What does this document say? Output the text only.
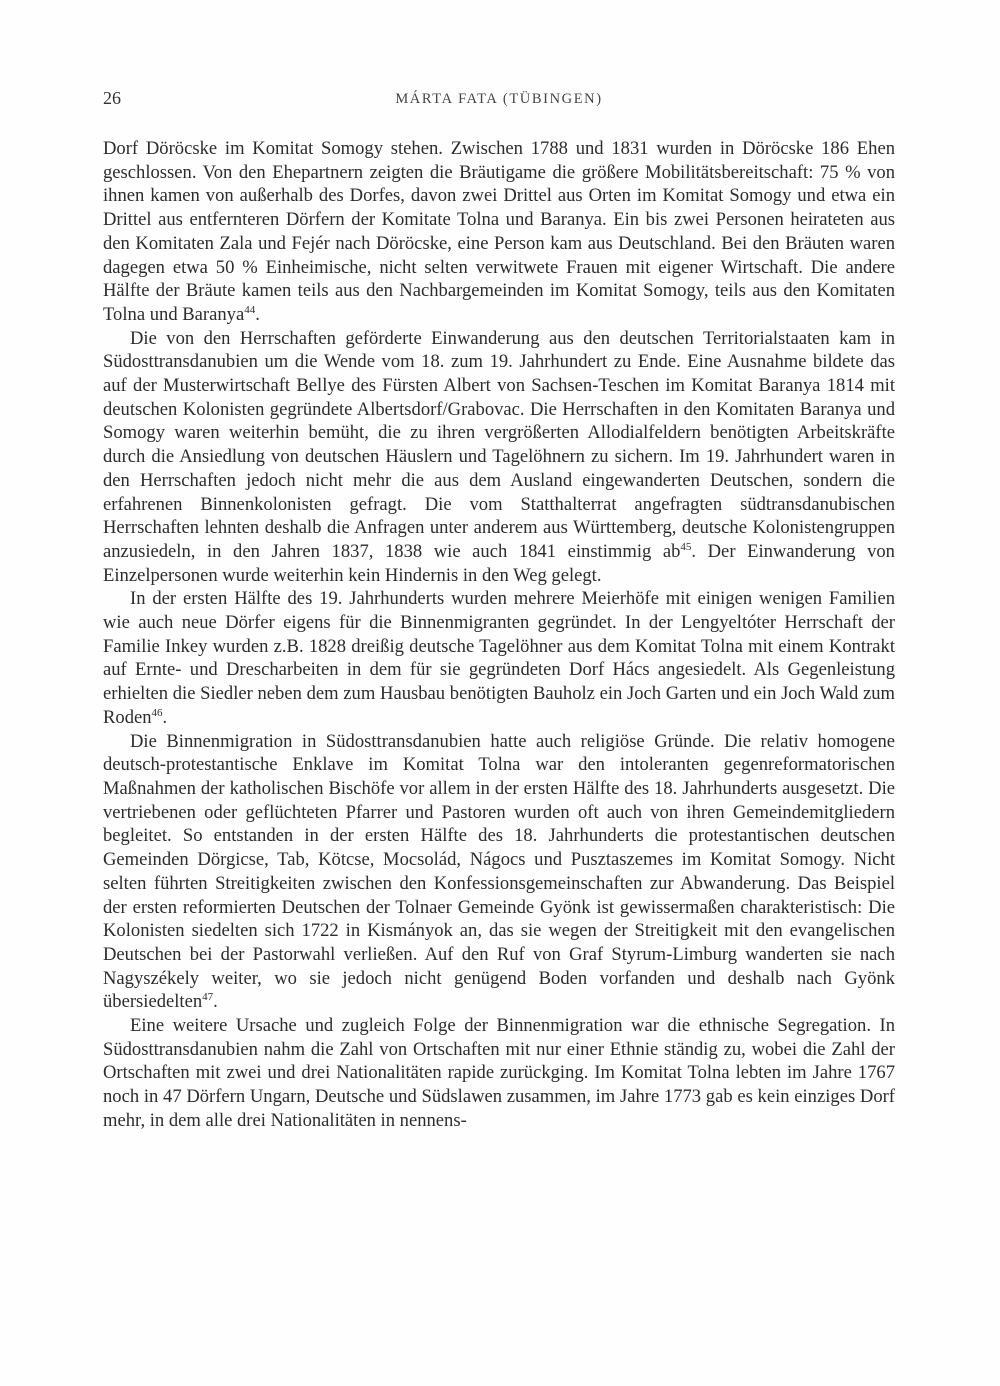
26	MÁRTA FATA (TÜBINGEN)

Dorf Döröcske im Komitat Somogy stehen. Zwischen 1788 und 1831 wurden in Döröcske 186 Ehen geschlossen. Von den Ehepartnern zeigten die Bräutigame die größere Mobilitätsbereitschaft: 75 % von ihnen kamen von außerhalb des Dorfes, davon zwei Drittel aus Orten im Komitat Somogy und etwa ein Drittel aus entfernteren Dörfern der Komitate Tolna und Baranya. Ein bis zwei Personen heirateten aus den Komitaten Zala und Fejér nach Döröcske, eine Person kam aus Deutschland. Bei den Bräuten waren dagegen etwa 50 % Einheimische, nicht selten verwitwete Frauen mit eigener Wirtschaft. Die andere Hälfte der Bräute kamen teils aus den Nachbargemeinden im Komitat Somogy, teils aus den Komitaten Tolna und Baranya$^{44}$.

Die von den Herrschaften geförderte Einwanderung aus den deutschen Territorialstaaten kam in Südosttransdanubien um die Wende vom 18. zum 19. Jahrhundert zu Ende. Eine Ausnahme bildete das auf der Musterwirtschaft Bellye des Fürsten Albert von Sachsen-Teschen im Komitat Baranya 1814 mit deutschen Kolonisten gegründete Albertsdorf/Grabovac. Die Herrschaften in den Komitaten Baranya und Somogy waren weiterhin bemüht, die zu ihren vergrößerten Allodialfeldern benötigten Arbeitskräfte durch die Ansiedlung von deutschen Häuslern und Tagelöhnern zu sichern. Im 19. Jahrhundert waren in den Herrschaften jedoch nicht mehr die aus dem Ausland eingewanderten Deutschen, sondern die erfahrenen Binnenkolonisten gefragt. Die vom Statthalterrat angefragten südtransdanubischen Herrschaften lehnten deshalb die Anfragen unter anderem aus Württemberg, deutsche Kolonistengruppen anzusiedeln, in den Jahren 1837, 1838 wie auch 1841 einstimmig $ab^{45}$. Der Einwanderung von Einzelpersonen wurde weiterhin kein Hindernis in den Weg gelegt.

In der ersten Hälfte des 19. Jahrhunderts wurden mehrere Meierhöfe mit einigen wenigen Familien wie auch neue Dörfer eigens für die Binnenmigranten gegründet. In der Lengyeltóter Herrschaft der Familie Inkey wurden z.B. 1828 dreißig deutsche Tagelöhner aus dem Komitat Tolna mit einem Kontrakt auf Ernte- und Drescharbeiten in dem für sie gegründeten Dorf Hács angesiedelt. Als Gegenleistung erhielten die Siedler neben dem zum Hausbau benötigten Bauholz ein Joch Garten und ein Joch Wald zum Roden$^{46}$.

Die Binnenmigration in Südosttransdanubien hatte auch religiöse Gründe. Die relativ homogene deutsch-protestantische Enklave im Komitat Tolna war den intoleranten gegenreformatorischen Maßnahmen der katholischen Bischöfe vor allem in der ersten Hälfte des 18. Jahrhunderts ausgesetzt. Die vertriebenen oder geflüchteten Pfarrer und Pastoren wurden oft auch von ihren Gemeindemitgliedern begleitet. So entstanden in der ersten Hälfte des 18. Jahrhunderts die protestantischen deutschen Gemeinden Dörgicse, Tab, Kötcse, Mocsolád, Nágocs und Pusztaszemes im Komitat Somogy. Nicht selten führten Streitigkeiten zwischen den Konfessionsgemeinschaften zur Abwanderung. Das Beispiel der ersten reformierten Deutschen der Tolnaer Gemeinde Gyönk ist gewissermaßen charakteristisch: Die Kolonisten siedelten sich 1722 in Kismányok an, das sie wegen der Streitigkeit mit den evangelischen Deutschen bei der Pastorwahl verließen. Auf den Ruf von Graf Styrum-Limburg wanderten sie nach Nagyszékely weiter, wo sie jedoch nicht genügend Boden vorfanden und deshalb nach Gyönk übersiedelten$^{47}$.

Eine weitere Ursache und zugleich Folge der Binnenmigration war die ethnische Segregation. In Südosttransdanubien nahm die Zahl von Ortschaften mit nur einer Ethnie ständig zu, wobei die Zahl der Ortschaften mit zwei und drei Nationalitäten rapide zurückging. Im Komitat Tolna lebten im Jahre 1767 noch in 47 Dörfern Ungarn, Deutsche und Südslawen zusammen, im Jahre 1773 gab es kein einziges Dorf mehr, in dem alle drei Nationalitäten in nennens-
